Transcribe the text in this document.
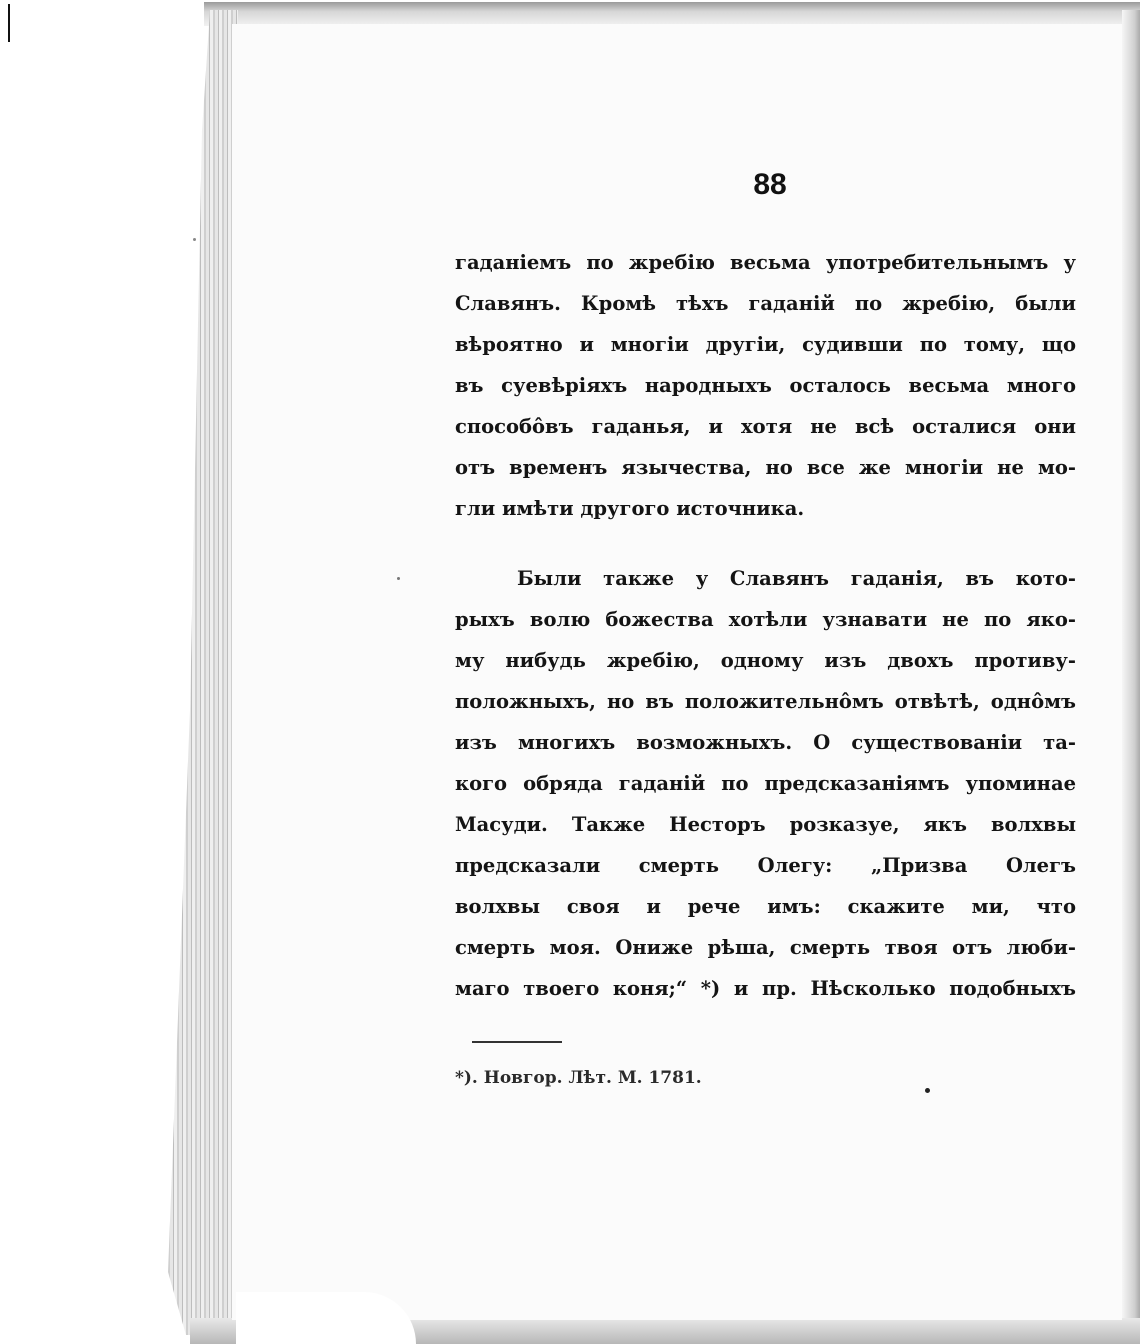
88
гаданіемъ по жребію весьма употребительнымъ у
Славянъ. Кромѣ тѣхъ гаданій по жребію, были
вѣроятно и многіи другіи, судивши по тому, що
въ суевѣріяхъ народныхъ осталось весьма много
способôвъ гаданья, и хотя не всѣ осталися они
отъ временъ язычества, но все же многіи не мо-
гли имѣти другого источника.
Были также у Славянъ гаданія, въ кото-
рыхъ волю божества хотѣли узнавати не по яко-
му нибудь жребію, одному изъ двохъ противу-
положныхъ, но въ положительнôмъ отвѣтѣ, однôмъ
изъ многихъ возможныхъ. О существованіи та-
кого обряда гаданій по предсказаніямъ упоминае
Масуди. Также Несторъ розказуе, якъ волхвы
предсказали смерть Олегу: „Призва Олегъ
волхвы своя и рече имъ: скажите ми, что
смерть моя. Ониже рѣша, смерть твоя отъ люби-
маго твоего коня;“ *) и пр. Нѣсколько подобныхъ
*). Новгор. Лѣт. М. 1781.
